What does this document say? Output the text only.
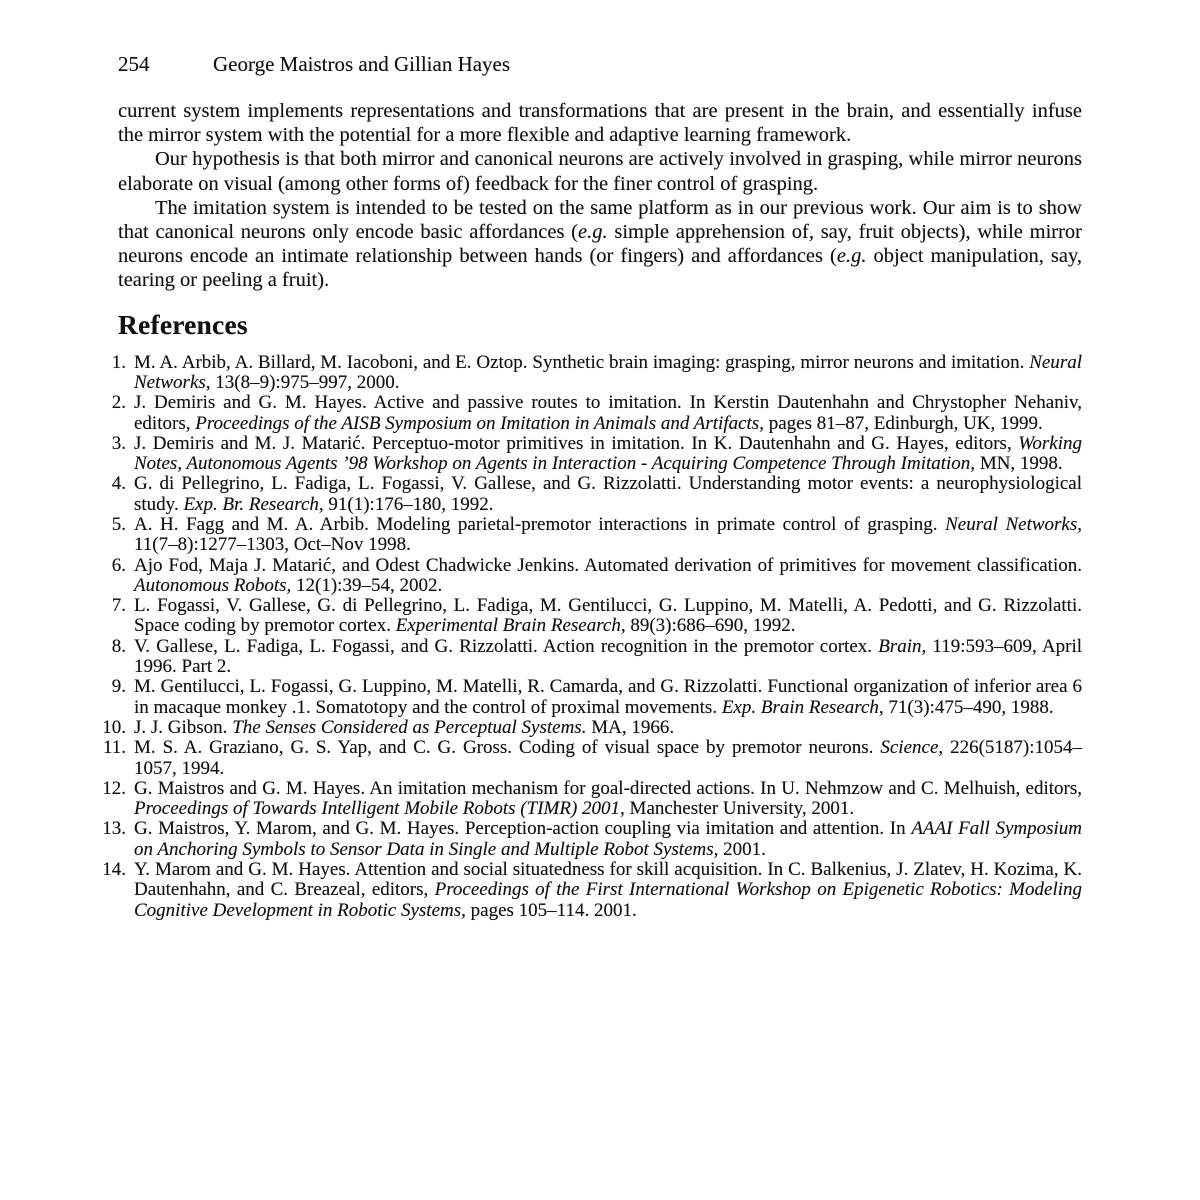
254	George Maistros and Gillian Hayes

current system implements representations and transformations that are present in the brain, and essentially infuse the mirror system with the potential for a more flexible and adaptive learning framework.

Our hypothesis is that both mirror and canonical neurons are actively involved in grasping, while mirror neurons elaborate on visual (among other forms of) feedback for the finer control of grasping.

The imitation system is intended to be tested on the same platform as in our previous work. Our aim is to show that canonical neurons only encode basic affordances (e.g. simple apprehension of, say, fruit objects), while mirror neurons encode an intimate relationship between hands (or fingers) and affordances (e.g. object manipulation, say, tearing or peeling a fruit).

References
1. M. A. Arbib, A. Billard, M. Iacoboni, and E. Oztop. Synthetic brain imaging: grasping, mirror neurons and imitation. Neural Networks, 13(8–9):975–997, 2000.
2. J. Demiris and G. M. Hayes. Active and passive routes to imitation. In Kerstin Dautenhahn and Chrystopher Nehaniv, editors, Proceedings of the AISB Symposium on Imitation in Animals and Artifacts, pages 81–87, Edinburgh, UK, 1999.
3. J. Demiris and M. J. Matarić. Perceptuo-motor primitives in imitation. In K. Dautenhahn and G. Hayes, editors, Working Notes, Autonomous Agents ’98 Workshop on Agents in Interaction - Acquiring Competence Through Imitation, MN, 1998.
4. G. di Pellegrino, L. Fadiga, L. Fogassi, V. Gallese, and G. Rizzolatti. Understanding motor events: a neurophysiological study. Exp. Br. Research, 91(1):176–180, 1992.
5. A. H. Fagg and M. A. Arbib. Modeling parietal-premotor interactions in primate control of grasping. Neural Networks, 11(7–8):1277–1303, Oct–Nov 1998.
6. Ajo Fod, Maja J. Matarić, and Odest Chadwicke Jenkins. Automated derivation of primitives for movement classification. Autonomous Robots, 12(1):39–54, 2002.
7. L. Fogassi, V. Gallese, G. di Pellegrino, L. Fadiga, M. Gentilucci, G. Luppino, M. Matelli, A. Pedotti, and G. Rizzolatti. Space coding by premotor cortex. Experimental Brain Research, 89(3):686–690, 1992.
8. V. Gallese, L. Fadiga, L. Fogassi, and G. Rizzolatti. Action recognition in the premotor cortex. Brain, 119:593–609, April 1996. Part 2.
9. M. Gentilucci, L. Fogassi, G. Luppino, M. Matelli, R. Camarda, and G. Rizzolatti. Functional organization of inferior area 6 in macaque monkey .1. Somatotopy and the control of proximal movements. Exp. Brain Research, 71(3):475–490, 1988.
10. J. J. Gibson. The Senses Considered as Perceptual Systems. MA, 1966.
11. M. S. A. Graziano, G. S. Yap, and C. G. Gross. Coding of visual space by premotor neurons. Science, 226(5187):1054–1057, 1994.
12. G. Maistros and G. M. Hayes. An imitation mechanism for goal-directed actions. In U. Nehmzow and C. Melhuish, editors, Proceedings of Towards Intelligent Mobile Robots (TIMR) 2001, Manchester University, 2001.
13. G. Maistros, Y. Marom, and G. M. Hayes. Perception-action coupling via imitation and attention. In AAAI Fall Symposium on Anchoring Symbols to Sensor Data in Single and Multiple Robot Systems, 2001.
14. Y. Marom and G. M. Hayes. Attention and social situatedness for skill acquisition. In C. Balkenius, J. Zlatev, H. Kozima, K. Dautenhahn, and C. Breazeal, editors, Proceedings of the First International Workshop on Epigenetic Robotics: Modeling Cognitive Development in Robotic Systems, pages 105–114. 2001.
